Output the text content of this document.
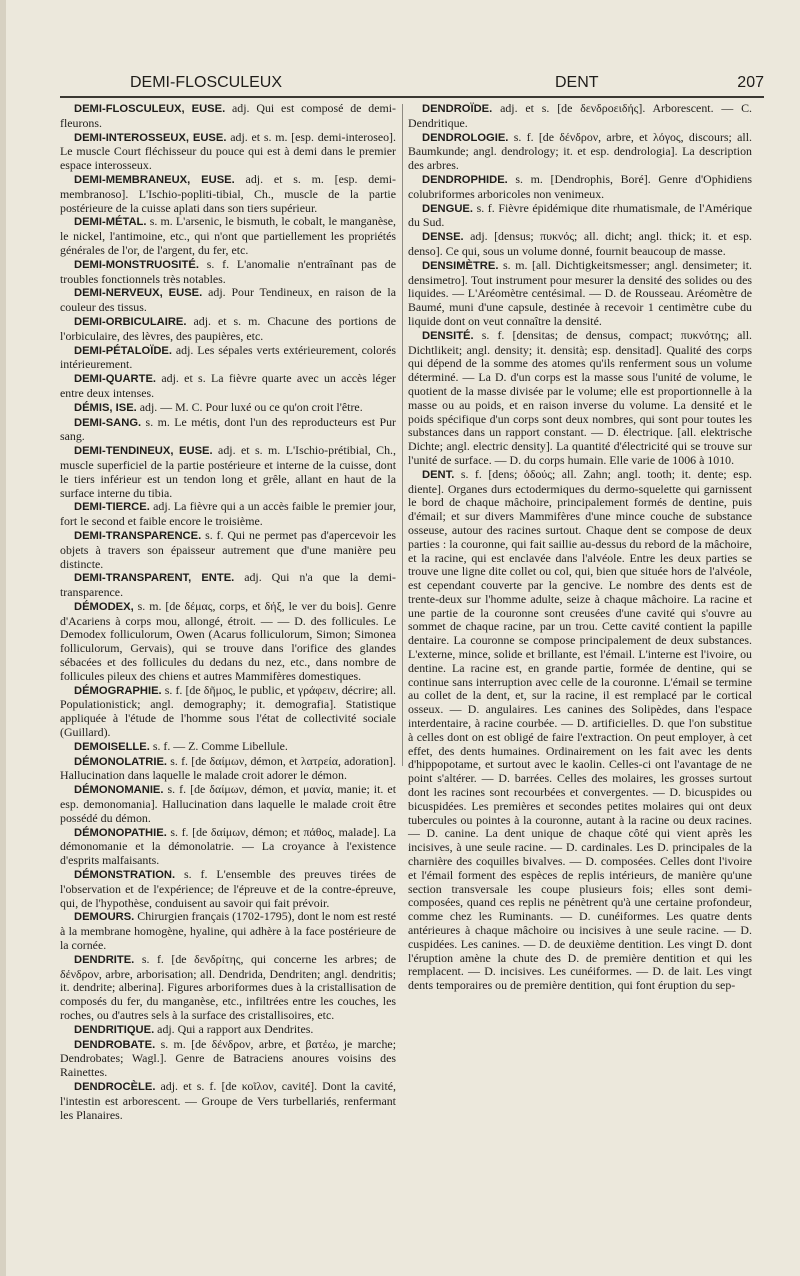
DEMI-FLOSCULEUX	DENT	207

DEMI-FLOSCULEUX, EUSE. adj. Qui est composé de demi-fleurons.

DEMI-INTEROSSEUX, EUSE. adj. et s. m. [esp. demi-interoseo]. Le muscle Court fléchisseur du pouce qui est à demi dans le premier espace interosseux.

DEMI-MEMBRANEUX, EUSE. adj. et s. m. [esp. demi-membranoso]. L'Ischio-popliti-tibial, Ch., muscle de la partie postérieure de la cuisse aplati dans son tiers supérieur.

DEMI-MÉTAL. s. m. L'arsenic, le bismuth, le cobalt, le manganèse, le nickel, l'antimoine, etc., qui n'ont que partiellement les propriétés générales de l'or, de l'argent, du fer, etc.

DEMI-MONSTRUOSITÉ. s. f. L'anomalie n'entraînant pas de troubles fonctionnels très notables.

DEMI-NERVEUX, EUSE. adj. Pour Tendineux, en raison de la couleur des tissus.

DEMI-ORBICULAIRE. adj. et s. m. Chacune des portions de l'orbiculaire, des lèvres, des paupières, etc.

DEMI-PÉTALOÏDE. adj. Les sépales verts extérieurement, colorés intérieurement.

DEMI-QUARTE. adj. et s. La fièvre quarte avec un accès léger entre deux intenses.

DÉMIS, ISE. adj. — M. C. Pour luxé ou ce qu'on croit l'être.

DEMI-SANG. s. m. Le métis, dont l'un des reproducteurs est Pur sang.

DEMI-TENDINEUX, EUSE. adj. et s. m. L'Ischio-prétibial, Ch., muscle superficiel de la partie postérieure et interne de la cuisse, dont le tiers inférieur est un tendon long et grêle, allant en haut de la surface interne du tibia.

DEMI-TIERCE. adj. La fièvre qui a un accès faible le premier jour, fort le second et faible encore le troisième.

DEMI-TRANSPARENCE. s. f. Qui ne permet pas d'apercevoir les objets à travers son épaisseur autrement que d'une manière peu distincte.

DEMI-TRANSPARENT, ENTE. adj. Qui n'a que la demi-transparence.

DÉMODEX, s. m. [de δέμας, corps, et δήξ, le ver du bois]. Genre d'Acariens à corps mou, allongé, étroit. — — D. des follicules. Le Demodex folliculorum, Owen (Acarus folliculorum, Simon; Simonea folliculorum, Gervais), qui se trouve dans l'orifice des glandes sébacées et des follicules du dedans du nez, etc., dans nombre de follicules pileux des chiens et autres Mammifères domestiques.

DÉMOGRAPHIE. s. f. [de δῆμος, le public, et γράφειν, décrire; all. Populationistick; angl. demography; it. demografia]. Statistique appliquée à l'étude de l'homme sous l'état de collectivité sociale (Guillard).

DEMOISELLE. s. f. — Z. Comme Libellule.

DÉMONOLATRIE. s. f. [de δαίμων, démon, et λατρεία, adoration]. Hallucination dans laquelle le malade croit adorer le démon.

DÉMONOMANIE. s. f. [de δαίμων, démon, et μανία, manie; it. et esp. demonomania]. Hallucination dans laquelle le malade croit être possédé du démon.

DÉMONOPATHIE. s. f. [de δαίμων, démon; et πάθος, malade]. La démonomanie et la démonolatrie. — La croyance à l'existence d'esprits malfaisants.

DÉMONSTRATION. s. f. L'ensemble des preuves tirées de l'observation et de l'expérience; de l'épreuve et de la contre-épreuve, qui, de l'hypothèse, conduisent au savoir qui fait prévoir.

DEMOURS. Chirurgien français (1702-1795), dont le nom est resté à la membrane homogène, hyaline, qui adhère à la face postérieure de la cornée.

DENDRITE. s. f. [de δενδρίτης, qui concerne les arbres; de δένδρον, arbre, arborisation; all. Dendrida, Dendriten; angl. dendritis; it. dendrite; alberina]. Figures arboriformes dues à la cristallisation de composés du fer, du manganèse, etc., infiltrées entre les couches, les roches, ou d'autres sels à la surface des cristallisoires, etc.

DENDRITIQUE. adj. Qui a rapport aux Dendrites.

DENDROBATE. s. m. [de δένδρον, arbre, et βατέω, je marche; Dendrobates; Wagl.]. Genre de Batraciens anoures voisins des Rainettes.

DENDROCÈLE. adj. et s. f. [de κοῖλον, cavité]. Dont la cavité, l'intestin est arborescent. — Groupe de Vers turbellariés, renfermant les Planaires.

DENDROÏDE. adj. et s. [de δενδροειδής]. Arborescent. — C. Dendritique.

DENDROLOGIE. s. f. [de δένδρον, arbre, et λόγος, discours; all. Baumkunde; angl. dendrology; it. et esp. dendrologia]. La description des arbres.

DENDROPHIDE. s. m. [Dendrophis, Boré]. Genre d'Ophidiens colubriformes arboricoles non venimeux.

DENGUE. s. f. Fièvre épidémique dite rhumatismale, de l'Amérique du Sud.

DENSE. adj. [densus; πυκνός; all. dicht; angl. thick; it. et esp. denso]. Ce qui, sous un volume donné, fournit beaucoup de masse.

DENSIMÈTRE. s. m. [all. Dichtigkeitsmesser; angl. densimeter; it. densimetro]. Tout instrument pour mesurer la densité des solides ou des liquides. — L'Aréomètre centésimal. — D. de Rousseau. Aréomètre de Baumé, muni d'une capsule, destinée à recevoir 1 centimètre cube du liquide dont on veut connaître la densité.

DENSITÉ. s. f. [densitas; de densus, compact; πυκνότης; all. Dichtlikeit; angl. density; it. densità; esp. densitad]. Qualité des corps qui dépend de la somme des atomes qu'ils renferment sous un volume déterminé. — La D. d'un corps est la masse sous l'unité de volume, le quotient de la masse divisée par le volume; elle est proportionnelle à la masse ou au poids, et en raison inverse du volume. La densité et le poids spécifique d'un corps sont deux nombres, qui sont pour toutes les substances dans un rapport constant. — D. électrique. [all. elektrische Dichte; angl. electric density]. La quantité d'électricité qui se trouve sur l'unité de surface. — D. du corps humain. Elle varie de 1006 à 1010.

DENT. s. f. [dens; ὀδούς; all. Zahn; angl. tooth; it. dente; esp. diente]. Organes durs ectodermiques du dermo-squelette qui garnissent le bord de chaque mâchoire, principalement formés de dentine, puis d'émail; et sur divers Mammifères d'une mince couche de substance osseuse, autour des racines surtout. Chaque dent se compose de deux parties : la couronne, qui fait saillie au-dessus du rebord de la mâchoire, et la racine, qui est enclavée dans l'alvéole. Entre les deux parties se trouve une ligne dite collet ou col, qui, bien que située hors de l'alvéole, est cependant couverte par la gencive. Le nombre des dents est de trente-deux sur l'homme adulte, seize à chaque mâchoire. La racine et une partie de la couronne sont creusées d'une cavité qui s'ouvre au sommet de chaque racine, par un trou. Cette cavité contient la papille dentaire. La couronne se compose principalement de deux substances. L'externe, mince, solide et brillante, est l'émail. L'interne est l'ivoire, ou dentine. La racine est, en grande partie, formée de dentine, qui se continue sans interruption avec celle de la couronne. L'émail se termine au collet de la dent, et, sur la racine, il est remplacé par le cortical osseux. — D. angulaires. Les canines des Solipèdes, dans l'espace interdentaire, à racine courbée. — D. artificielles. D. que l'on substitue à celles dont on est obligé de faire l'extraction. On peut employer, à cet effet, des dents humaines. Ordinairement on les fait avec les dents d'hippopotame, et surtout avec le kaolin. Celles-ci ont l'avantage de ne point s'altérer. — D. barrées. Celles des molaires, les grosses surtout dont les racines sont recourbées et convergentes. — D. bicuspides ou bicuspidées. Les premières et secondes petites molaires qui ont deux tubercules ou pointes à la couronne, autant à la racine ou deux racines. — D. canine. La dent unique de chaque côté qui vient après les incisives, à une seule racine. — D. cardinales. Les D. principales de la charnière des coquilles bivalves. — D. composées. Celles dont l'ivoire et l'émail forment des espèces de replis intérieurs, de manière qu'une section transversale les coupe plusieurs fois; elles sont demi-composées, quand ces replis ne pénètrent qu'à une certaine profondeur, comme chez les Ruminants. — D. cunéiformes. Les quatre dents antérieures à chaque mâchoire ou incisives à une seule racine. — D. cuspidées. Les canines. — D. de deuxième dentition. Les vingt D. dont l'éruption amène la chute des D. de première dentition et qui les remplacent. — D. incisives. Les cunéiformes. — D. de lait. Les vingt dents temporaires ou de première dentition, qui font éruption du sep-
